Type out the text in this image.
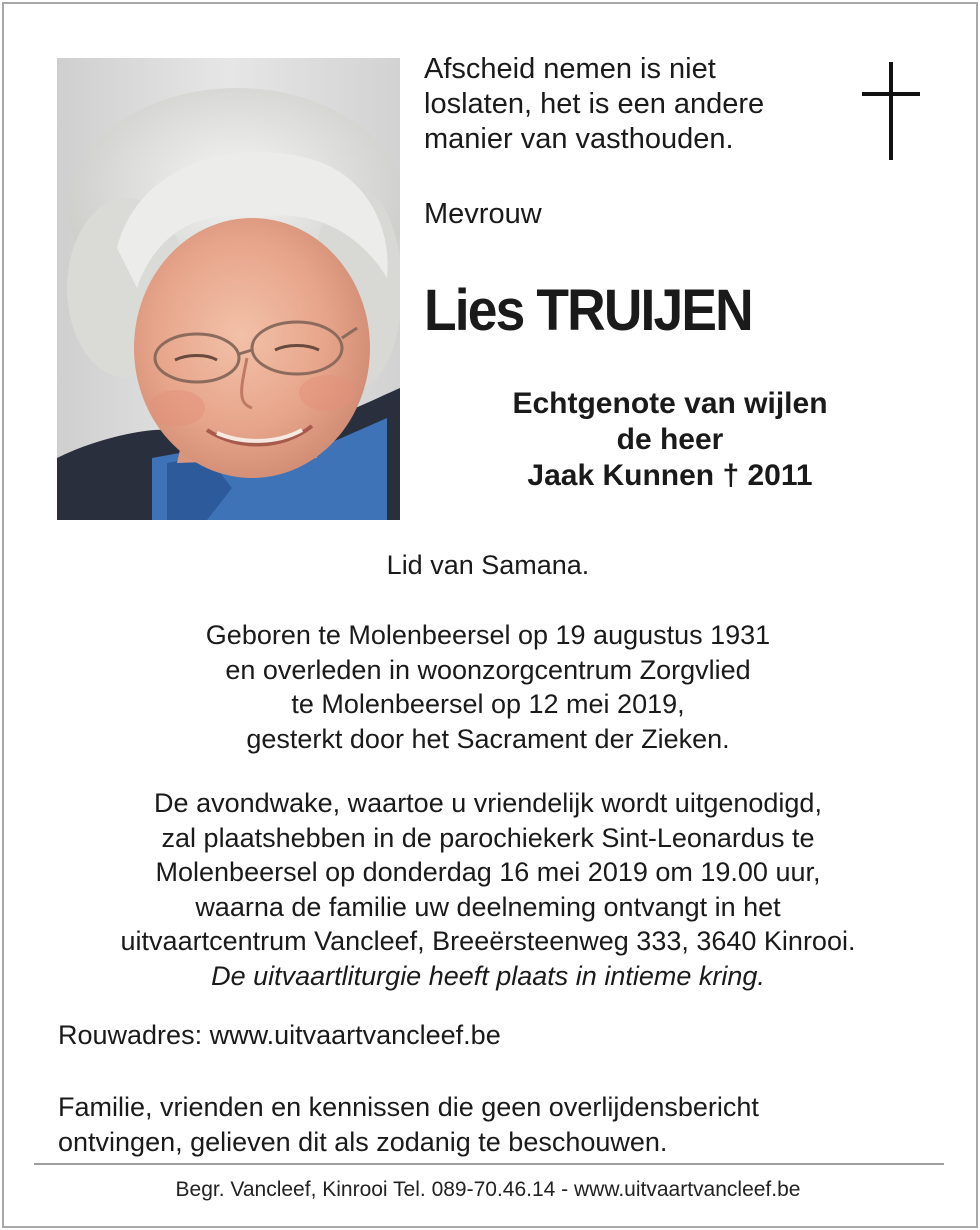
Afscheid nemen is niet
loslaten, het is een andere
manier van vasthouden.
Mevrouw
Lies TRUIJEN
Echtgenote van wijlen
de heer
Jaak Kunnen † 2011
Lid van Samana.
Geboren te Molenbeersel op 19 augustus 1931
en overleden in woonzorgcentrum Zorgvlied
te Molenbeersel op 12 mei 2019,
gesterkt door het Sacrament der Zieken.
De avondwake, waartoe u vriendelijk wordt uitgenodigd,
zal plaatshebben in de parochiekerk Sint-Leonardus te
Molenbeersel op donderdag 16 mei 2019 om 19.00 uur,
waarna de familie uw deelneming ontvangt in het
uitvaartcentrum Vancleef, Breeërsteenweg 333, 3640 Kinrooi.
De uitvaartliturgie heeft plaats in intieme kring.
Rouwadres: www.uitvaartvancleef.be
Familie, vrienden en kennissen die geen overlijdensbericht
ontvingen, gelieven dit als zodanig te beschouwen.
Begr. Vancleef, Kinrooi Tel. 089-70.46.14 - www.uitvaartvancleef.be
